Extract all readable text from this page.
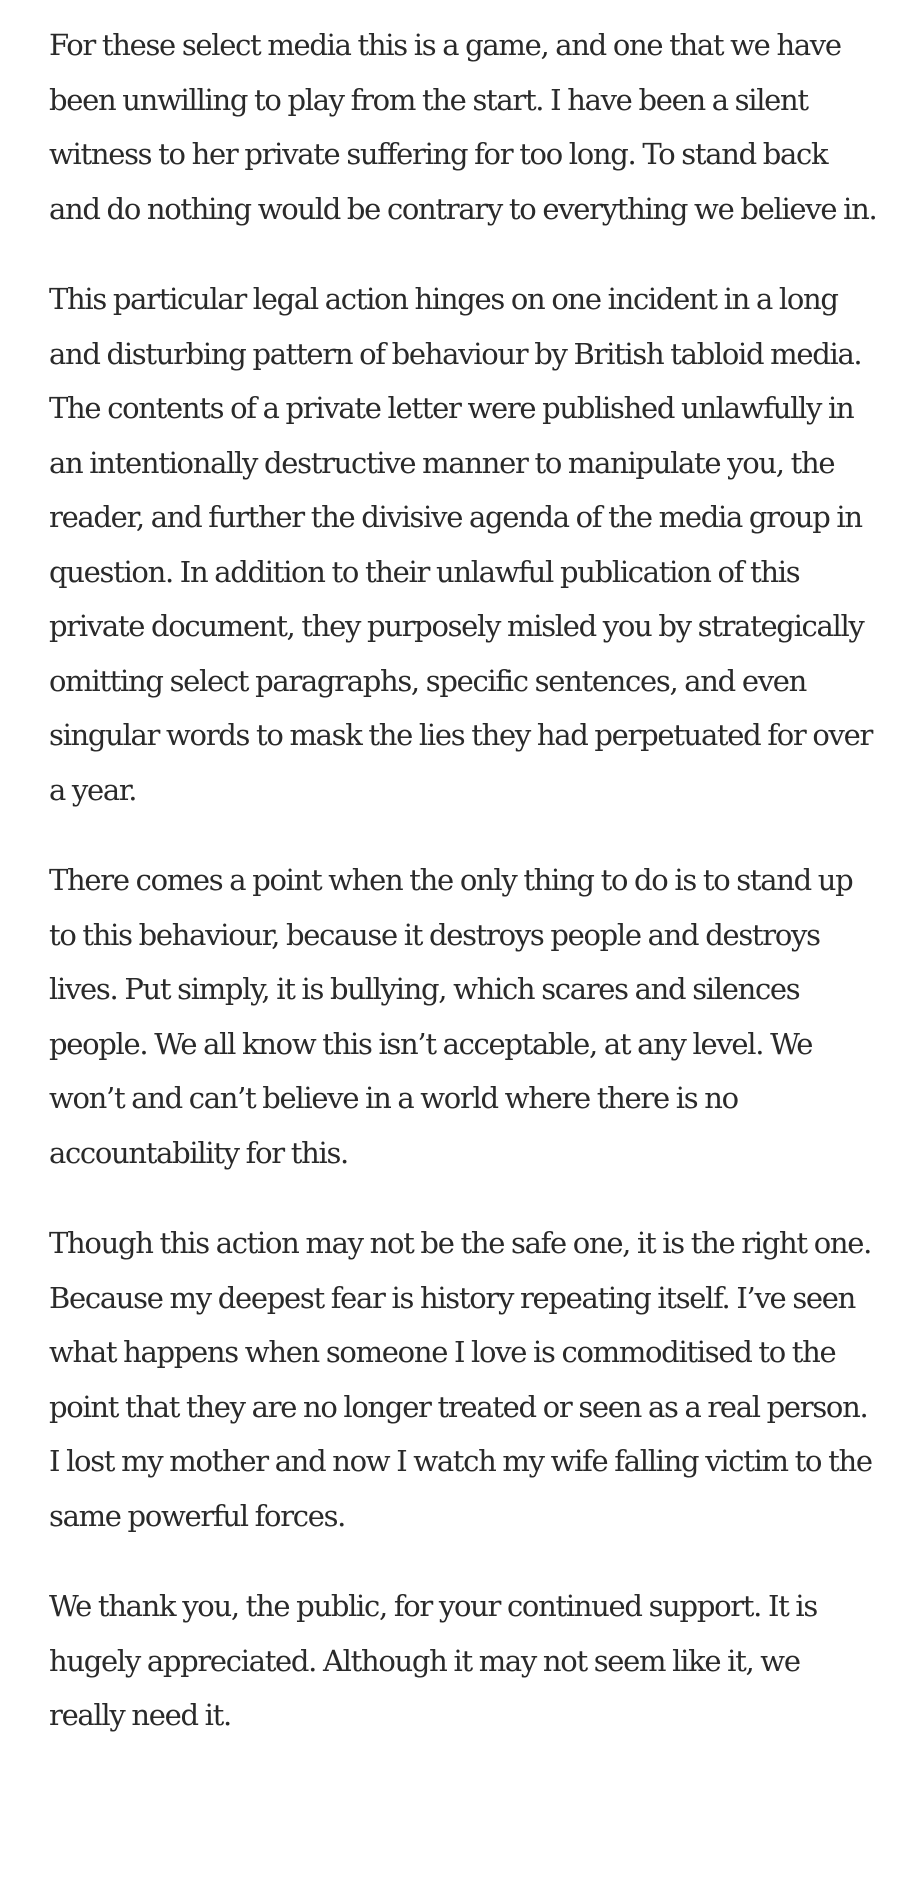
For these select media this is a game, and one that we have been unwilling to play from the start. I have been a silent witness to her private suffering for too long. To stand back and do nothing would be contrary to everything we believe in.

This particular legal action hinges on one incident in a long and disturbing pattern of behaviour by British tabloid media. The contents of a private letter were published unlawfully in an intentionally destructive manner to manipulate you, the reader, and further the divisive agenda of the media group in question. In addition to their unlawful publication of this private document, they purposely misled you by strategically omitting select paragraphs, specific sentences, and even singular words to mask the lies they had perpetuated for over a year.

There comes a point when the only thing to do is to stand up to this behaviour, because it destroys people and destroys lives. Put simply, it is bullying, which scares and silences people. We all know this isn’t acceptable, at any level. We won’t and can’t believe in a world where there is no accountability for this.

Though this action may not be the safe one, it is the right one. Because my deepest fear is history repeating itself. I’ve seen what happens when someone I love is commoditised to the point that they are no longer treated or seen as a real person. I lost my mother and now I watch my wife falling victim to the same powerful forces.

We thank you, the public, for your continued support. It is hugely appreciated. Although it may not seem like it, we really need it.
